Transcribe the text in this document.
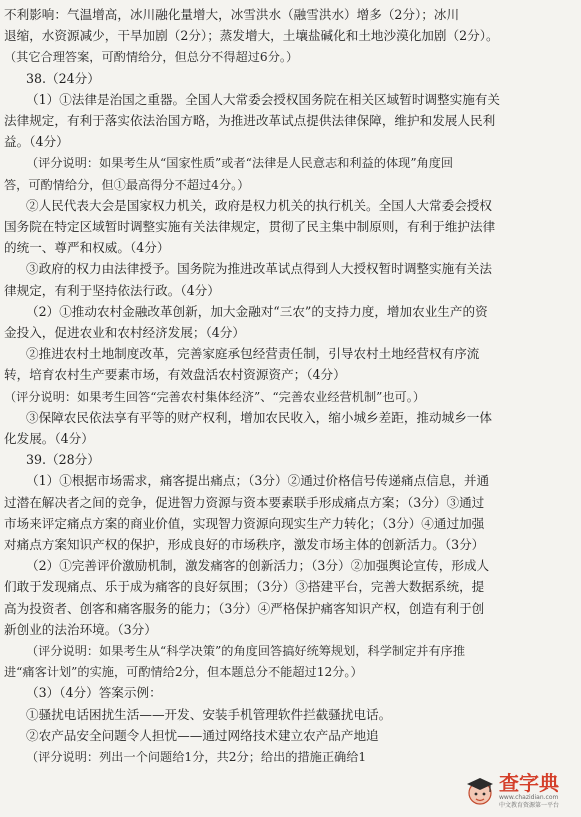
不利影响：气温增高，冰川融化量增大，冰雪洪水（融雪洪水）增多（2分）；冰川
退缩，水资源减少，干旱加剧（2分）；蒸发增大，土壤盐碱化和土地沙漠化加剧（2分）。
（其它合理答案，可酌情给分，但总分不得超过6分。）
38.（24分）
（1）①法律是治国之重器。全国人大常委会授权国务院在相关区域暂时调整实施有关
法律规定，有利于落实依法治国方略，为推进改革试点提供法律保障，维护和发展人民利
益。（4分）
（评分说明：如果考生从“国家性质”或者“法律是人民意志和利益的体现”角度回
答，可酌情给分，但①最高得分不超过4分。）
②人民代表大会是国家权力机关，政府是权力机关的执行机关。全国人大常委会授权
国务院在特定区域暂时调整实施有关法律规定，贯彻了民主集中制原则，有利于维护法律
的统一、尊严和权威。（4分）
③政府的权力由法律授予。国务院为推进改革试点得到人大授权暂时调整实施有关法
律规定，有利于坚持依法行政。（4分）
（2）①推动农村金融改革创新，加大金融对“三农”的支持力度，增加农业生产的资
金投入，促进农业和农村经济发展；（4分）
②推进农村土地制度改革，完善家庭承包经营责任制，引导农村土地经营权有序流
转，培育农村生产要素市场，有效盘活农村资源资产；（4分）
（评分说明：如果考生回答“完善农村集体经济”、“完善农业经营机制”也可。）
③保障农民依法享有平等的财产权利，增加农民收入，缩小城乡差距，推动城乡一体
化发展。（4分）
39.（28分）
（1）①根据市场需求，痛客提出痛点；（3分）②通过价格信号传递痛点信息，并通
过潜在解决者之间的竞争，促进智力资源与资本要素联手形成痛点方案；（3分）③通过
市场来评定痛点方案的商业价值，实现智力资源向现实生产力转化；（3分）④通过加强
对痛点方案知识产权的保护，形成良好的市场秩序，激发市场主体的创新活力。（3分）
（2）①完善评价激励机制，激发痛客的创新活力；（3分）②加强舆论宣传，形成人
们敢于发现痛点、乐于成为痛客的良好氛围；（3分）③搭建平台，完善大数据系统，提
高为投资者、创客和痛客服务的能力；（3分）④严格保护痛客知识产权，创造有利于创
新创业的法治环境。（3分）
（评分说明：如果考生从“科学决策”的角度回答搞好统筹规划，科学制定并有序推
进“痛客计划”的实施，可酌情给2分，但本题总分不能超过12分。）
（3）（4分）答案示例：
①骚扰电话困扰生活——开发、安装手机管理软件拦截骚扰电话。
②农产品安全问题令人担忧——通过网络技术建立农产品产地追
（评分说明：列出一个问题给1分，共2分；给出的措施正确给1
查字典
www.chazidian.com
中文教育资源第一平台
